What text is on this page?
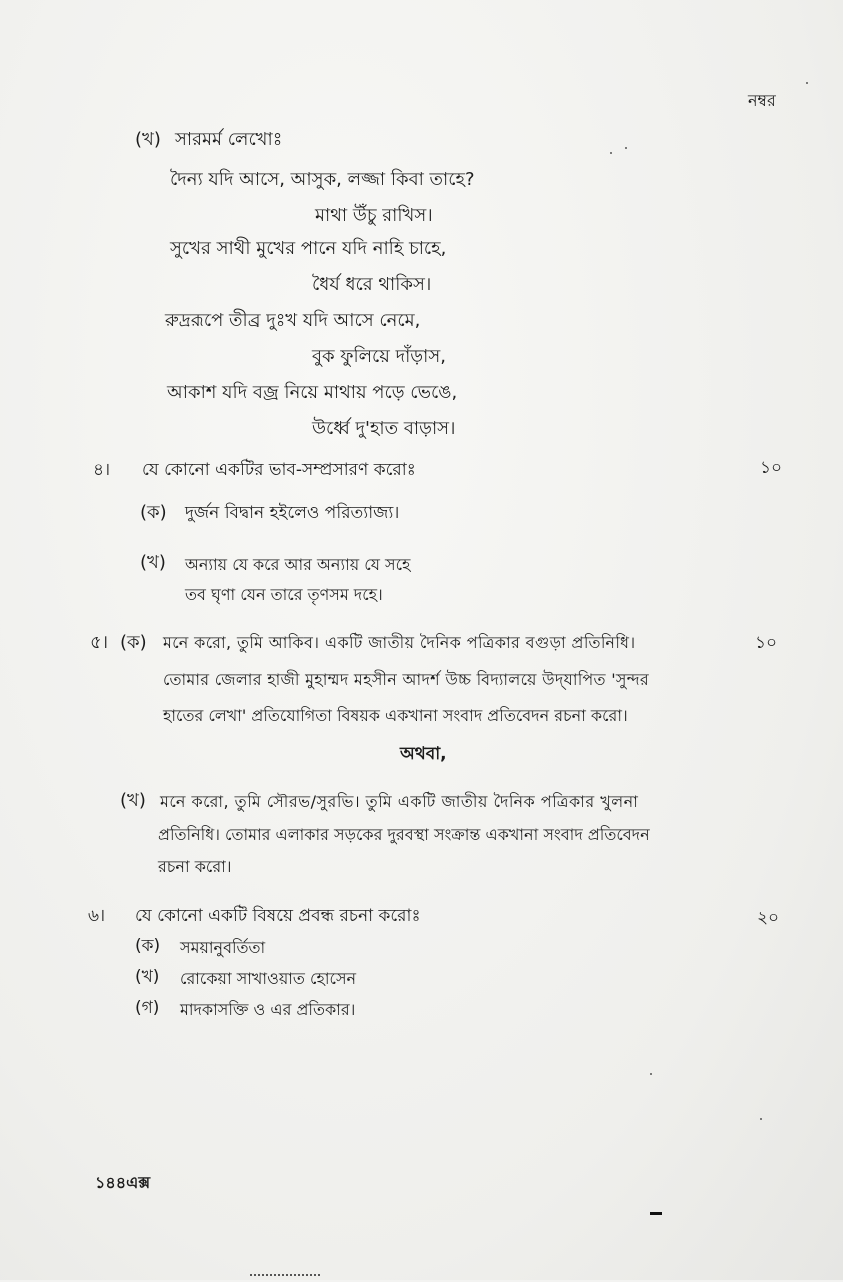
নম্বর
(খ) সারমর্ম লেখোঃ
দৈন্য যদি আসে, আসুক, লজ্জা কিবা তাহে?
মাথা উঁচু রাখিস।
সুখের সাথী মুখের পানে যদি নাহি চাহে,
ধৈর্য ধরে থাকিস।
রুদ্ররূপে তীব্র দুঃখ যদি আসে নেমে,
বুক ফুলিয়ে দাঁড়াস,
আকাশ যদি বজ্র নিয়ে মাথায় পড়ে ভেঙে,
উর্ধ্বে দু'হাত বাড়াস।
৪। যে কোনো একটির ভাব-সম্প্রসারণ করোঃ	১০
(ক) দুর্জন বিদ্বান হইলেও পরিত্যাজ্য।
(খ) অন্যায় যে করে আর অন্যায় যে সহে
তব ঘৃণা যেন তারে তৃণসম দহে।
৫। (ক)	১০
মনে করো, তুমি আকিব। একটি জাতীয় দৈনিক পত্রিকার বগুড়া প্রতিনিধি।
তোমার জেলার হাজী মুহাম্মদ মহসীন আদর্শ উচ্চ বিদ্যালয়ে উদ্‌যাপিত 'সুন্দর
হাতের লেখা' প্রতিযোগিতা বিষয়ক একখানা সংবাদ প্রতিবেদন রচনা করো।
অথবা,
(খ) মনে করো, তুমি সৌরভ/সুরভি। তুমি একটি জাতীয় দৈনিক পত্রিকার খুলনা
প্রতিনিধি। তোমার এলাকার সড়কের দুরবস্থা সংক্রান্ত একখানা সংবাদ প্রতিবেদন
রচনা করো।
৬। যে কোনো একটি বিষয়ে প্রবন্ধ রচনা করোঃ	২০
(ক) সময়ানুবর্তিতা
(খ) রোকেয়া সাখাওয়াত হোসেন
(গ) মাদকাসক্তি ও এর প্রতিকার।
১৪৪এক্স
